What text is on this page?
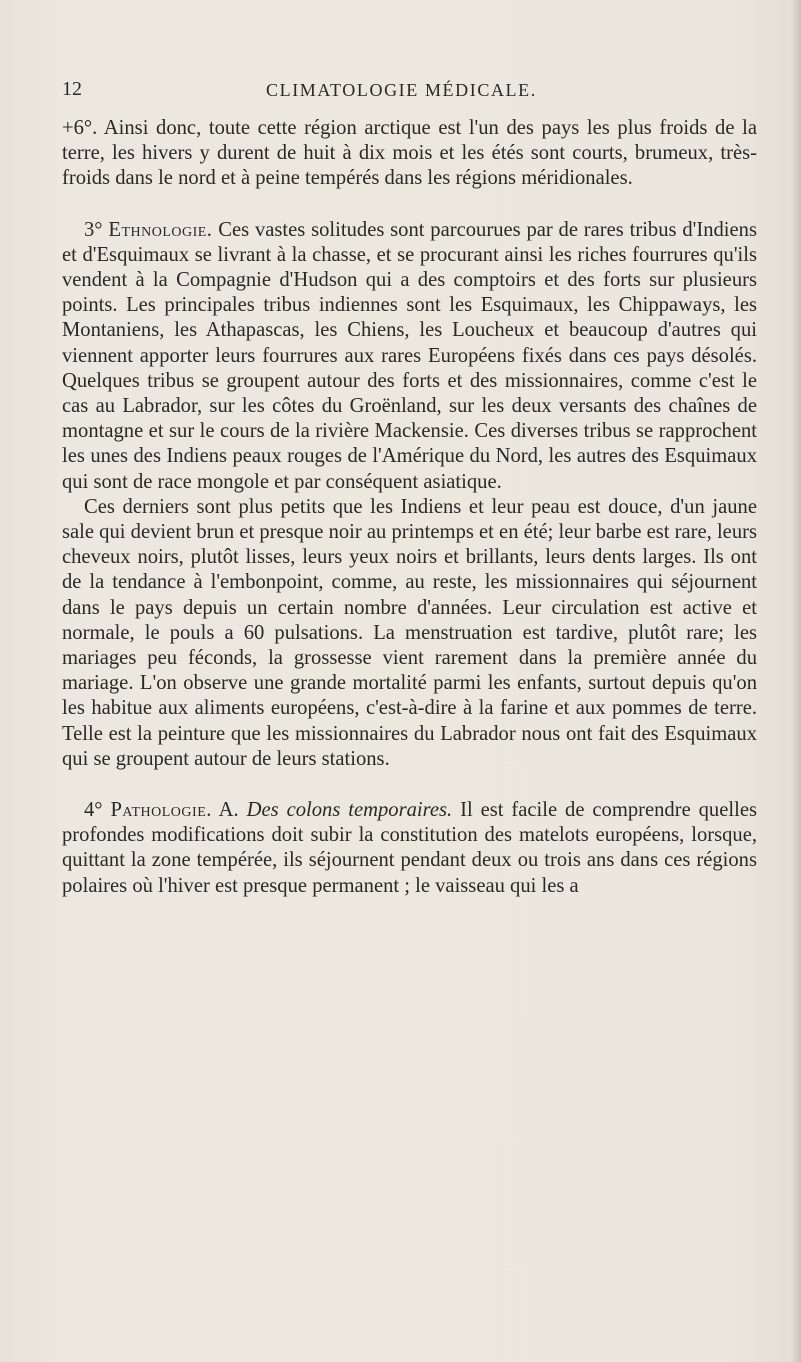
12	CLIMATOLOGIE MÉDICALE.

+6°. Ainsi donc, toute cette région arctique est l'un des pays les plus froids de la terre, les hivers y durent de huit à dix mois et les étés sont courts, brumeux, très-froids dans le nord et à peine tempérés dans les régions méridionales.

3° Ethnologie. Ces vastes solitudes sont parcourues par de rares tribus d'Indiens et d'Esquimaux se livrant à la chasse, et se procurant ainsi les riches fourrures qu'ils vendent à la Compagnie d'Hudson qui a des comptoirs et des forts sur plusieurs points. Les principales tribus indiennes sont les Esquimaux, les Chippaways, les Montaniens, les Athapascas, les Chiens, les Loucheux et beaucoup d'autres qui viennent apporter leurs fourrures aux rares Européens fixés dans ces pays désolés. Quelques tribus se groupent autour des forts et des missionnaires, comme c'est le cas au Labrador, sur les côtes du Groënland, sur les deux versants des chaînes de montagne et sur le cours de la rivière Mackensie. Ces diverses tribus se rapprochent les unes des Indiens peaux rouges de l'Amérique du Nord, les autres des Esquimaux qui sont de race mongole et par conséquent asiatique.

Ces derniers sont plus petits que les Indiens et leur peau est douce, d'un jaune sale qui devient brun et presque noir au printemps et en été; leur barbe est rare, leurs cheveux noirs, plutôt lisses, leurs yeux noirs et brillants, leurs dents larges. Ils ont de la tendance à l'embonpoint, comme, au reste, les missionnaires qui séjournent dans le pays depuis un certain nombre d'années. Leur circulation est active et normale, le pouls a 60 pulsations. La menstruation est tardive, plutôt rare; les mariages peu féconds, la grossesse vient rarement dans la première année du mariage. L'on observe une grande mortalité parmi les enfants, surtout depuis qu'on les habitue aux aliments européens, c'est-à-dire à la farine et aux pommes de terre. Telle est la peinture que les missionnaires du Labrador nous ont fait des Esquimaux qui se groupent autour de leurs stations.

4° Pathologie. A. Des colons temporaires. Il est facile de comprendre quelles profondes modifications doit subir la constitution des matelots européens, lorsque, quittant la zone tempérée, ils séjournent pendant deux ou trois ans dans ces régions polaires où l'hiver est presque permanent ; le vaisseau qui les a
